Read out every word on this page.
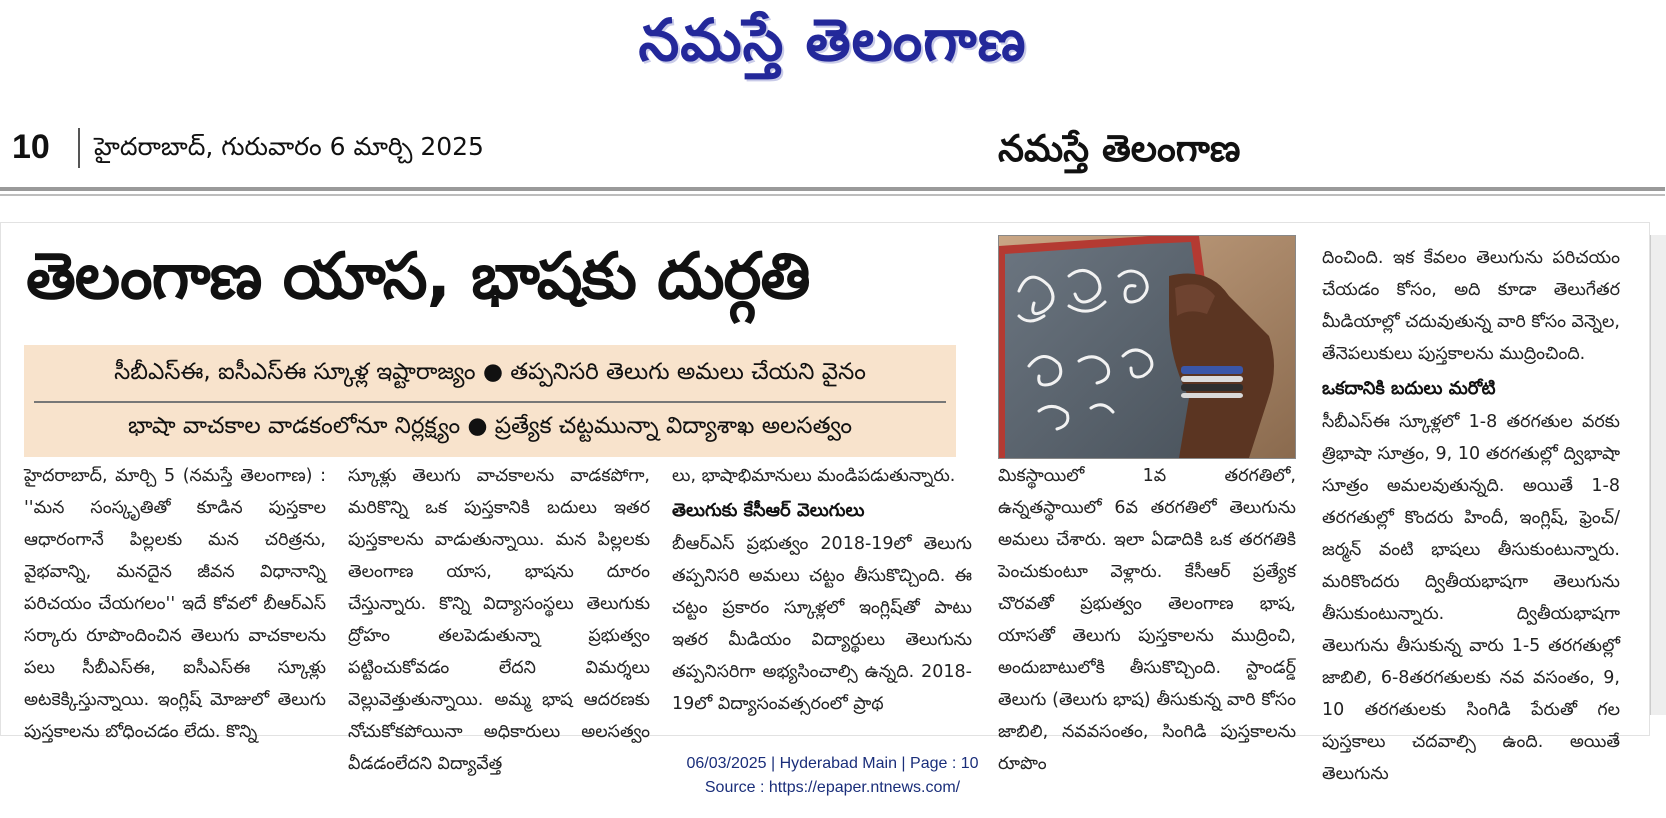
నమస్తే తెలంగాణ
10 హైదరాబాద్, గురువారం 6 మార్చి 2025	నమస్తే తెలంగాణ
తెలంగాణ యాస, భాషకు దుర్గతి
సీబీఎస్ఈ, ఐసీఎస్ఈ స్కూళ్ల ఇష్టారాజ్యం ● తప్పనిసరి తెలుగు అమలు చేయని వైనం
భాషా వాచకాల వాడకంలోనూ నిర్లక్ష్యం ● ప్రత్యేక చట్టమున్నా విద్యాశాఖ అలసత్వం

హైదరాబాద్, మార్చి 5 (నమస్తే తెలంగాణ) : ''మన సంస్కృతితో కూడిన పుస్తకాల ఆధారంగానే పిల్లలకు మన చరిత్రను, వైభవాన్ని, మనదైన జీవన విధానాన్ని పరిచయం చేయగలం'' ఇదే కోవలో బీఆర్ఎస్ సర్కారు రూపొందించిన తెలుగు వాచకాలను పలు సీబీఎస్ఈ, ఐసీఎస్ఈ స్కూళ్లు అటకెక్కిస్తున్నాయి. ఇంగ్లిష్ మోజులో తెలుగు పుస్తకాలను బోధించడం లేదు. కొన్ని

స్కూళ్లు తెలుగు వాచకాలను వాడకపోగా, మరికొన్ని ఒక పుస్తకానికి బదులు ఇతర పుస్తకాలను వాడుతున్నాయి. మన పిల్లలకు తెలంగాణ యాస, భాషను దూరం చేస్తున్నారు. కొన్ని విద్యాసంస్థలు తెలుగుకు ద్రోహం తలపెడుతున్నా ప్రభుత్వం పట్టించుకోవడం లేదని విమర్శలు వెల్లువెత్తుతున్నాయి. అమ్మ భాష ఆదరణకు నోచుకోకపోయినా అధికారులు అలసత్వం వీడడంలేదని విద్యావేత్త

లు, భాషాభిమానులు మండిపడుతున్నారు.

తెలుగుకు కేసీఆర్ వెలుగులు

బీఆర్ఎస్ ప్రభుత్వం 2018-19లో తెలుగు తప్పనిసరి అమలు చట్టం తీసుకొచ్చింది. ఈ చట్టం ప్రకారం స్కూళ్లలో ఇంగ్లిష్‌తో పాటు ఇతర మీడియం విద్యార్థులు తెలుగును తప్పనిసరిగా అభ్యసించాల్సి ఉన్నది. 2018-19లో విద్యాసంవత్సరంలో ప్రాథ

మికస్థాయిలో 1వ తరగతిలో, ఉన్నతస్థాయిలో 6వ తరగతిలో తెలుగును అమలు చేశారు. ఇలా ఏడాదికి ఒక తరగతికి పెంచుకుంటూ వెళ్లారు. కేసీఆర్ ప్రత్యేక చొరవతో ప్రభుత్వం తెలంగాణ భాష, యాసతో తెలుగు పుస్తకాలను ముద్రించి, అందుబాటులోకి తీసుకొచ్చింది. స్టాండర్డ్ తెలుగు (తెలుగు భాష) తీసుకున్న వారి కోసం జాబిలి, నవవసంతం, సింగిడి పుస్తకాలను రూపొం

దించింది. ఇక కేవలం తెలుగును పరిచయం చేయడం కోసం, అది కూడా తెలుగేతర మీడియాల్లో చదువుతున్న వారి కోసం వెన్నెల, తేనెపలుకులు పుస్తకాలను ముద్రించింది.

ఒకదానికి బదులు మరోటి

సీబీఎస్ఈ స్కూళ్లలో 1-8 తరగతుల వరకు త్రిభాషా సూత్రం, 9, 10 తరగతుల్లో ద్విభాషా సూత్రం అమలవుతున్నది. అయితే 1-8 తరగతుల్లో కొందరు హిందీ, ఇంగ్లిష్, ఫ్రెంచ్/జర్మన్ వంటి భాషలు తీసుకుంటున్నారు. మరికొందరు ద్వితీయభాషగా తెలుగును తీసుకుంటున్నారు. ద్వితీయభాషగా తెలుగును తీసుకున్న వారు 1-5 తరగతుల్లో జాబిలి, 6-8తరగతులకు నవ వసంతం, 9, 10 తరగతులకు సింగిడి పేరుతో గల పుస్తకాలు చదవాల్సి ఉంది. అయితే తెలుగును

06/03/2025 | Hyderabad Main | Page : 10
Source : https://epaper.ntnews.com/
